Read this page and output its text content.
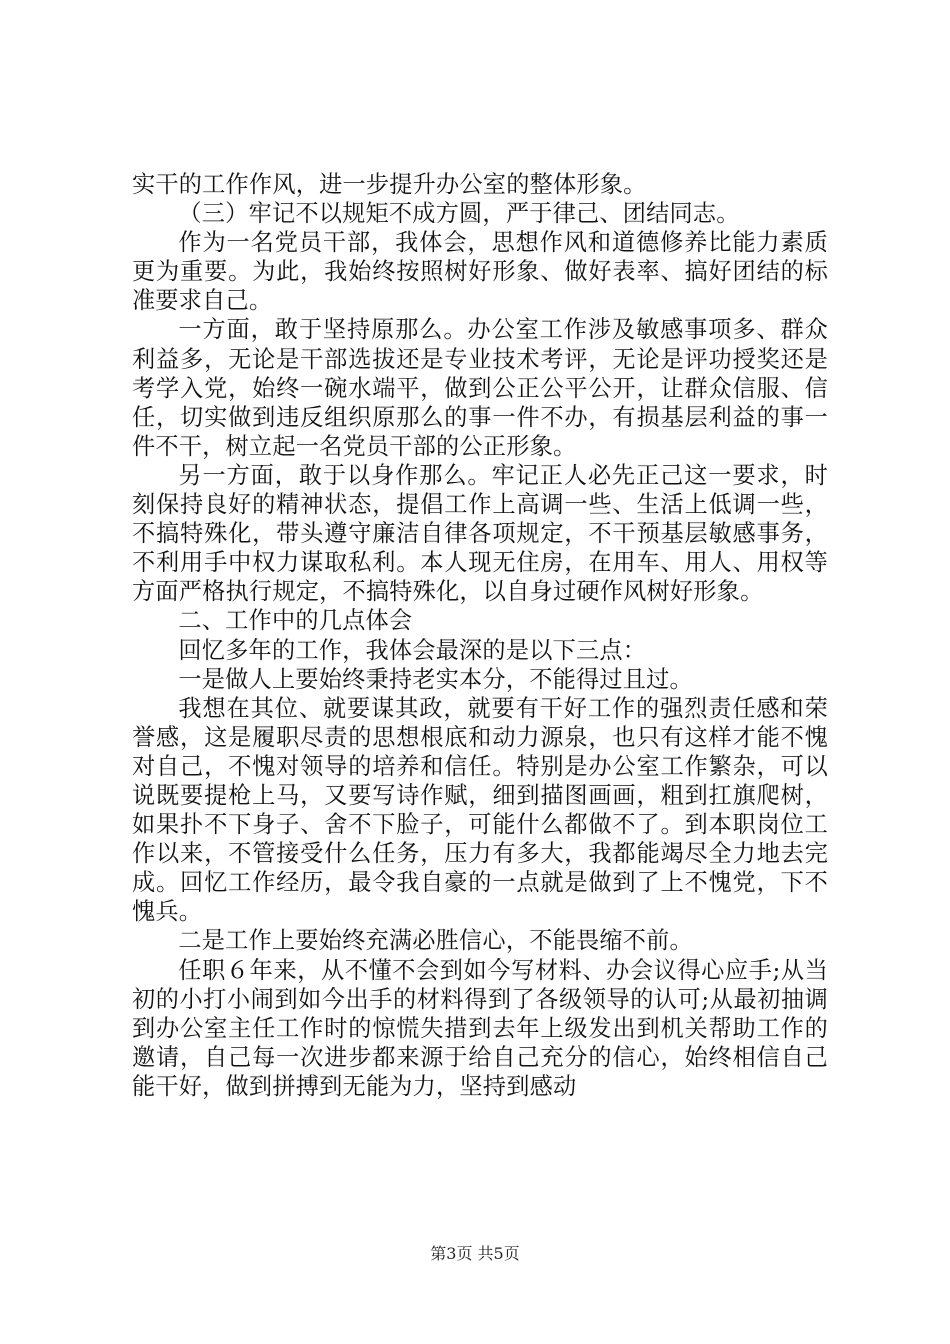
实干的工作作风，进一步提升办公室的整体形象。

（三）牢记不以规矩不成方圆，严于律己、团结同志。

作为一名党员干部，我体会，思想作风和道德修养比能力素质更为重要。为此，我始终按照树好形象、做好表率、搞好团结的标准要求自己。

一方面，敢于坚持原那么。办公室工作涉及敏感事项多、群众利益多，无论是干部选拔还是专业技术考评，无论是评功授奖还是考学入党，始终一碗水端平，做到公正公平公开，让群众信服、信任，切实做到违反组织原那么的事一件不办，有损基层利益的事一件不干，树立起一名党员干部的公正形象。

另一方面，敢于以身作那么。牢记正人必先正己这一要求，时刻保持良好的精神状态，提倡工作上高调一些、生活上低调一些，不搞特殊化，带头遵守廉洁自律各项规定，不干预基层敏感事务，不利用手中权力谋取私利。本人现无住房，在用车、用人、用权等方面严格执行规定，不搞特殊化，以自身过硬作风树好形象。

二、工作中的几点体会

回忆多年的工作，我体会最深的是以下三点：

一是做人上要始终秉持老实本分，不能得过且过。

我想在其位、就要谋其政，就要有干好工作的强烈责任感和荣誉感，这是履职尽责的思想根底和动力源泉，也只有这样才能不愧对自己，不愧对领导的培养和信任。特别是办公室工作繁杂，可以说既要提枪上马，又要写诗作赋，细到描图画画，粗到扛旗爬树，如果扑不下身子、舍不下脸子，可能什么都做不了。到本职岗位工作以来，不管接受什么任务，压力有多大，我都能竭尽全力地去完成。回忆工作经历，最令我自豪的一点就是做到了上不愧党，下不愧兵。

二是工作上要始终充满必胜信心，不能畏缩不前。

任职６年来，从不懂不会到如今写材料、办会议得心应手;从当初的小打小闹到如今出手的材料得到了各级领导的认可;从最初抽调到办公室主任工作时的惊慌失措到去年上级发出到机关帮助工作的邀请，自己每一次进步都来源于给自己充分的信心，始终相信自己能干好，做到拼搏到无能为力，坚持到感动

第3页 共5页
